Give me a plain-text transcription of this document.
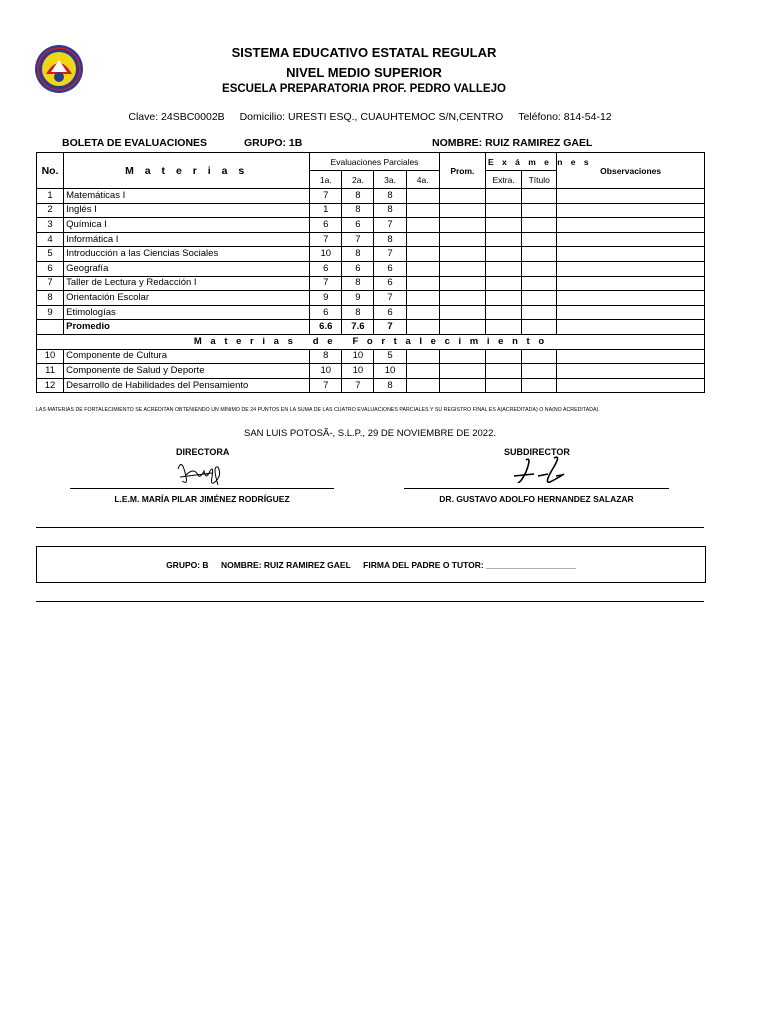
SISTEMA EDUCATIVO ESTATAL REGULAR
NIVEL MEDIO SUPERIOR
ESCUELA PREPARATORIA PROF. PEDRO VALLEJO
Clave: 24SBC0002B Domicilio: URESTI ESQ., CUAUHTEMOC S/N,CENTRO Teléfono: 814-54-12
BOLETA DE EVALUACIONES	GRUPO: 1B	NOMBRE: RUIZ RAMIREZ GAEL
No.	M a t e r i a s	Evaluaciones Parciales				Prom.	E x á m e n e s		Observaciones
		1a.	2a.	3a.	4a.		Extra.	Título	
1	Matemáticas I	7	8	8					
2	Inglés I	1	8	8					
3	Química I	6	6	7					
4	Informática I	7	7	8					
5	Introducción a las Ciencias Sociales	10	8	7					
6	Geografía	6	6	6					
7	Taller de Lectura y Redacción I	7	8	6					
8	Orientación Escolar	9	9	7					
9	Etimologías	6	8	6					
	Promedio	6.6	7.6	7					
M a t e r i a s   d e   F o r t a l e c i m i e n t o									
10	Componente de Cultura	8	10	5					
11	Componente de Salud y Deporte	10	10	10					
12	Desarrollo de Habilidades del Pensamiento	7	7	8					
LAS MATERIAS DE FORTALECIMIENTO SE ACREDITAN OBTENIENDO UN MÍNIMO DE 24 PUNTOS EN LA SUMA DE LAS CUATRO EVALUACIONES PARCIALES Y SU REGISTRO FINAL ES A(ACREDITADA) O NA(NO ACREDITADA).
SAN LUIS POTOSÃ-, S.L.P., 29 DE NOVIEMBRE DE 2022.
DIRECTORA
L.E.M. MARÍA PILAR JIMÉNEZ RODRÍGUEZ
SUBDIRECTOR
DR. GUSTAVO ADOLFO HERNANDEZ SALAZAR
GRUPO: B NOMBRE: RUIZ RAMIREZ GAEL FIRMA DEL PADRE O TUTOR: ___________________
